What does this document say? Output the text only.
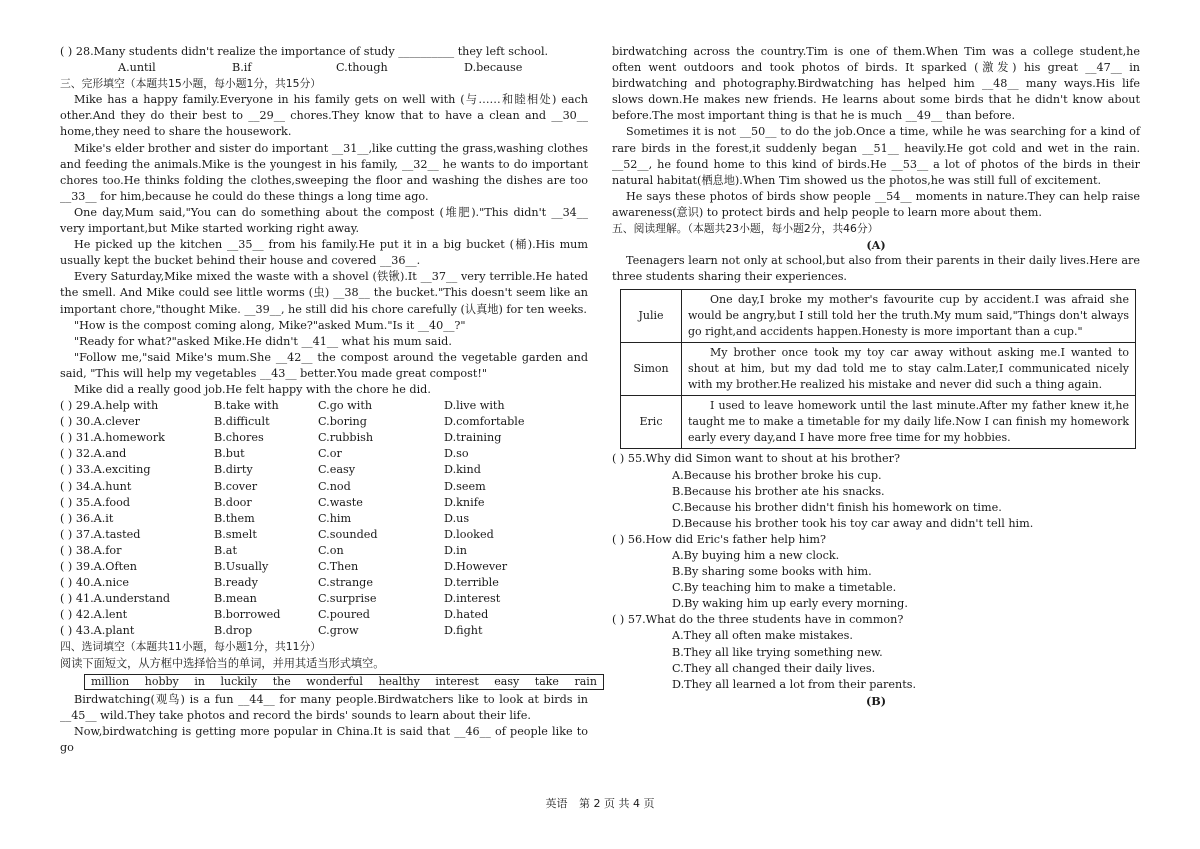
( ) 28.Many students didn't realize the importance of study __________ they left school.

A.until	B.if	C.though	D.because

三、完形填空（本题共15小题，每小题1分，共15分）

Mike has a happy family.Everyone in his family gets on well with (与……和睦相处) each other.And they do their best to __29__ chores.They know that to have a clean and __30__ home,they need to share the housework.

Mike's elder brother and sister do important __31__,like cutting the grass,washing clothes and feeding the animals.Mike is the youngest in his family, __32__ he wants to do important chores too.He thinks folding the clothes,sweeping the floor and washing the dishes are too __33__ for him,because he could do these things a long time ago.

One day,Mum said,"You can do something about the compost (堆肥)."This didn't __34__ very important,but Mike started working right away.

He picked up the kitchen __35__ from his family.He put it in a big bucket (桶).His mum usually kept the bucket behind their house and covered __36__.

Every Saturday,Mike mixed the waste with a shovel (铁锹).It __37__ very terrible.He hated the smell. And Mike could see little worms (虫) __38__ the bucket."This doesn't seem like an important chore,"thought Mike. __39__, he still did his chore carefully (认真地) for ten weeks.

"How is the compost coming along, Mike?"asked Mum."Is it __40__?"

"Ready for what?"asked Mike.He didn't __41__ what his mum said.

"Follow me,"said Mike's mum.She __42__ the compost around the vegetable garden and said, "This will help my vegetables __43__ better.You made great compost!"

Mike did a really good job.He felt happy with the chore he did.

( ) 29.A.help with	B.take with	C.go with	D.live with
( ) 30.A.clever	B.difficult	C.boring	D.comfortable
( ) 31.A.homework	B.chores	C.rubbish	D.training
( ) 32.A.and	B.but	C.or	D.so
( ) 33.A.exciting	B.dirty	C.easy	D.kind
( ) 34.A.hunt	B.cover	C.nod	D.seem
( ) 35.A.food	B.door	C.waste	D.knife
( ) 36.A.it	B.them	C.him	D.us
( ) 37.A.tasted	B.smelt	C.sounded	D.looked
( ) 38.A.for	B.at	C.on	D.in
( ) 39.A.Often	B.Usually	C.Then	D.However
( ) 40.A.nice	B.ready	C.strange	D.terrible
( ) 41.A.understand	B.mean	C.surprise	D.interest
( ) 42.A.lent	B.borrowed	C.poured	D.hated
( ) 43.A.plant	B.drop	C.grow	D.fight

四、选词填空（本题共11小题，每小题1分，共11分）

阅读下面短文，从方框中选择恰当的单词，并用其适当形式填空。

million hobby in luckily the wonderful healthy interest easy take rain

Birdwatching(观鸟) is a fun __44__ for many people.Birdwatchers like to look at birds in __45__ wild.They take photos and record the birds' sounds to learn about their life.

Now,birdwatching is getting more popular in China.It is said that __46__ of people like to go

birdwatching across the country.Tim is one of them.When Tim was a college student,he often went outdoors and took photos of birds. It sparked (激发) his great __47__ in birdwatching and photography.Birdwatching has helped him __48__ many ways.His life slows down.He makes new friends. He learns about some birds that he didn't know about before.The most important thing is that he is much __49__ than before.

Sometimes it is not __50__ to do the job.Once a time, while he was searching for a kind of rare birds in the forest,it suddenly began __51__ heavily.He got cold and wet in the rain. __52__, he found home to this kind of birds.He __53__ a lot of photos of the birds in their natural habitat(栖息地).When Tim showed us the photos,he was still full of excitement.

He says these photos of birds show people __54__ moments in nature.They can help raise awareness(意识) to protect birds and help people to learn more about them.

五、阅读理解。（本题共23小题，每小题2分，共46分）

(A)

Teenagers learn not only at school,but also from their parents in their daily lives.Here are three students sharing their experiences.

Julie	One day,I broke my mother's favourite cup by accident.I was afraid she would be angry,but I still told her the truth.My mum said,"Things don't always go right,and accidents happen.Honesty is more important than a cup."
Simon	My brother once took my toy car away without asking me.I wanted to shout at him, but my dad told me to stay calm.Later,I communicated nicely with my brother.He realized his mistake and never did such a thing again.
Eric	I used to leave homework until the last minute.After my father knew it,he taught me to make a timetable for my daily life.Now I can finish my homework early every day,and I have more free time for my hobbies.

( ) 55.Why did Simon want to shout at his brother?

A.Because his brother broke his cup.

B.Because his brother ate his snacks.

C.Because his brother didn't finish his homework on time.

D.Because his brother took his toy car away and didn't tell him.

( ) 56.How did Eric's father help him?

A.By buying him a new clock.

B.By sharing some books with him.

C.By teaching him to make a timetable.

D.By waking him up early every morning.

( ) 57.What do the three students have in common?

A.They all often make mistakes.

B.They all like trying something new.

C.They all changed their daily lives.

D.They all learned a lot from their parents.

(B)

英语 第 2 页 共 4 页
